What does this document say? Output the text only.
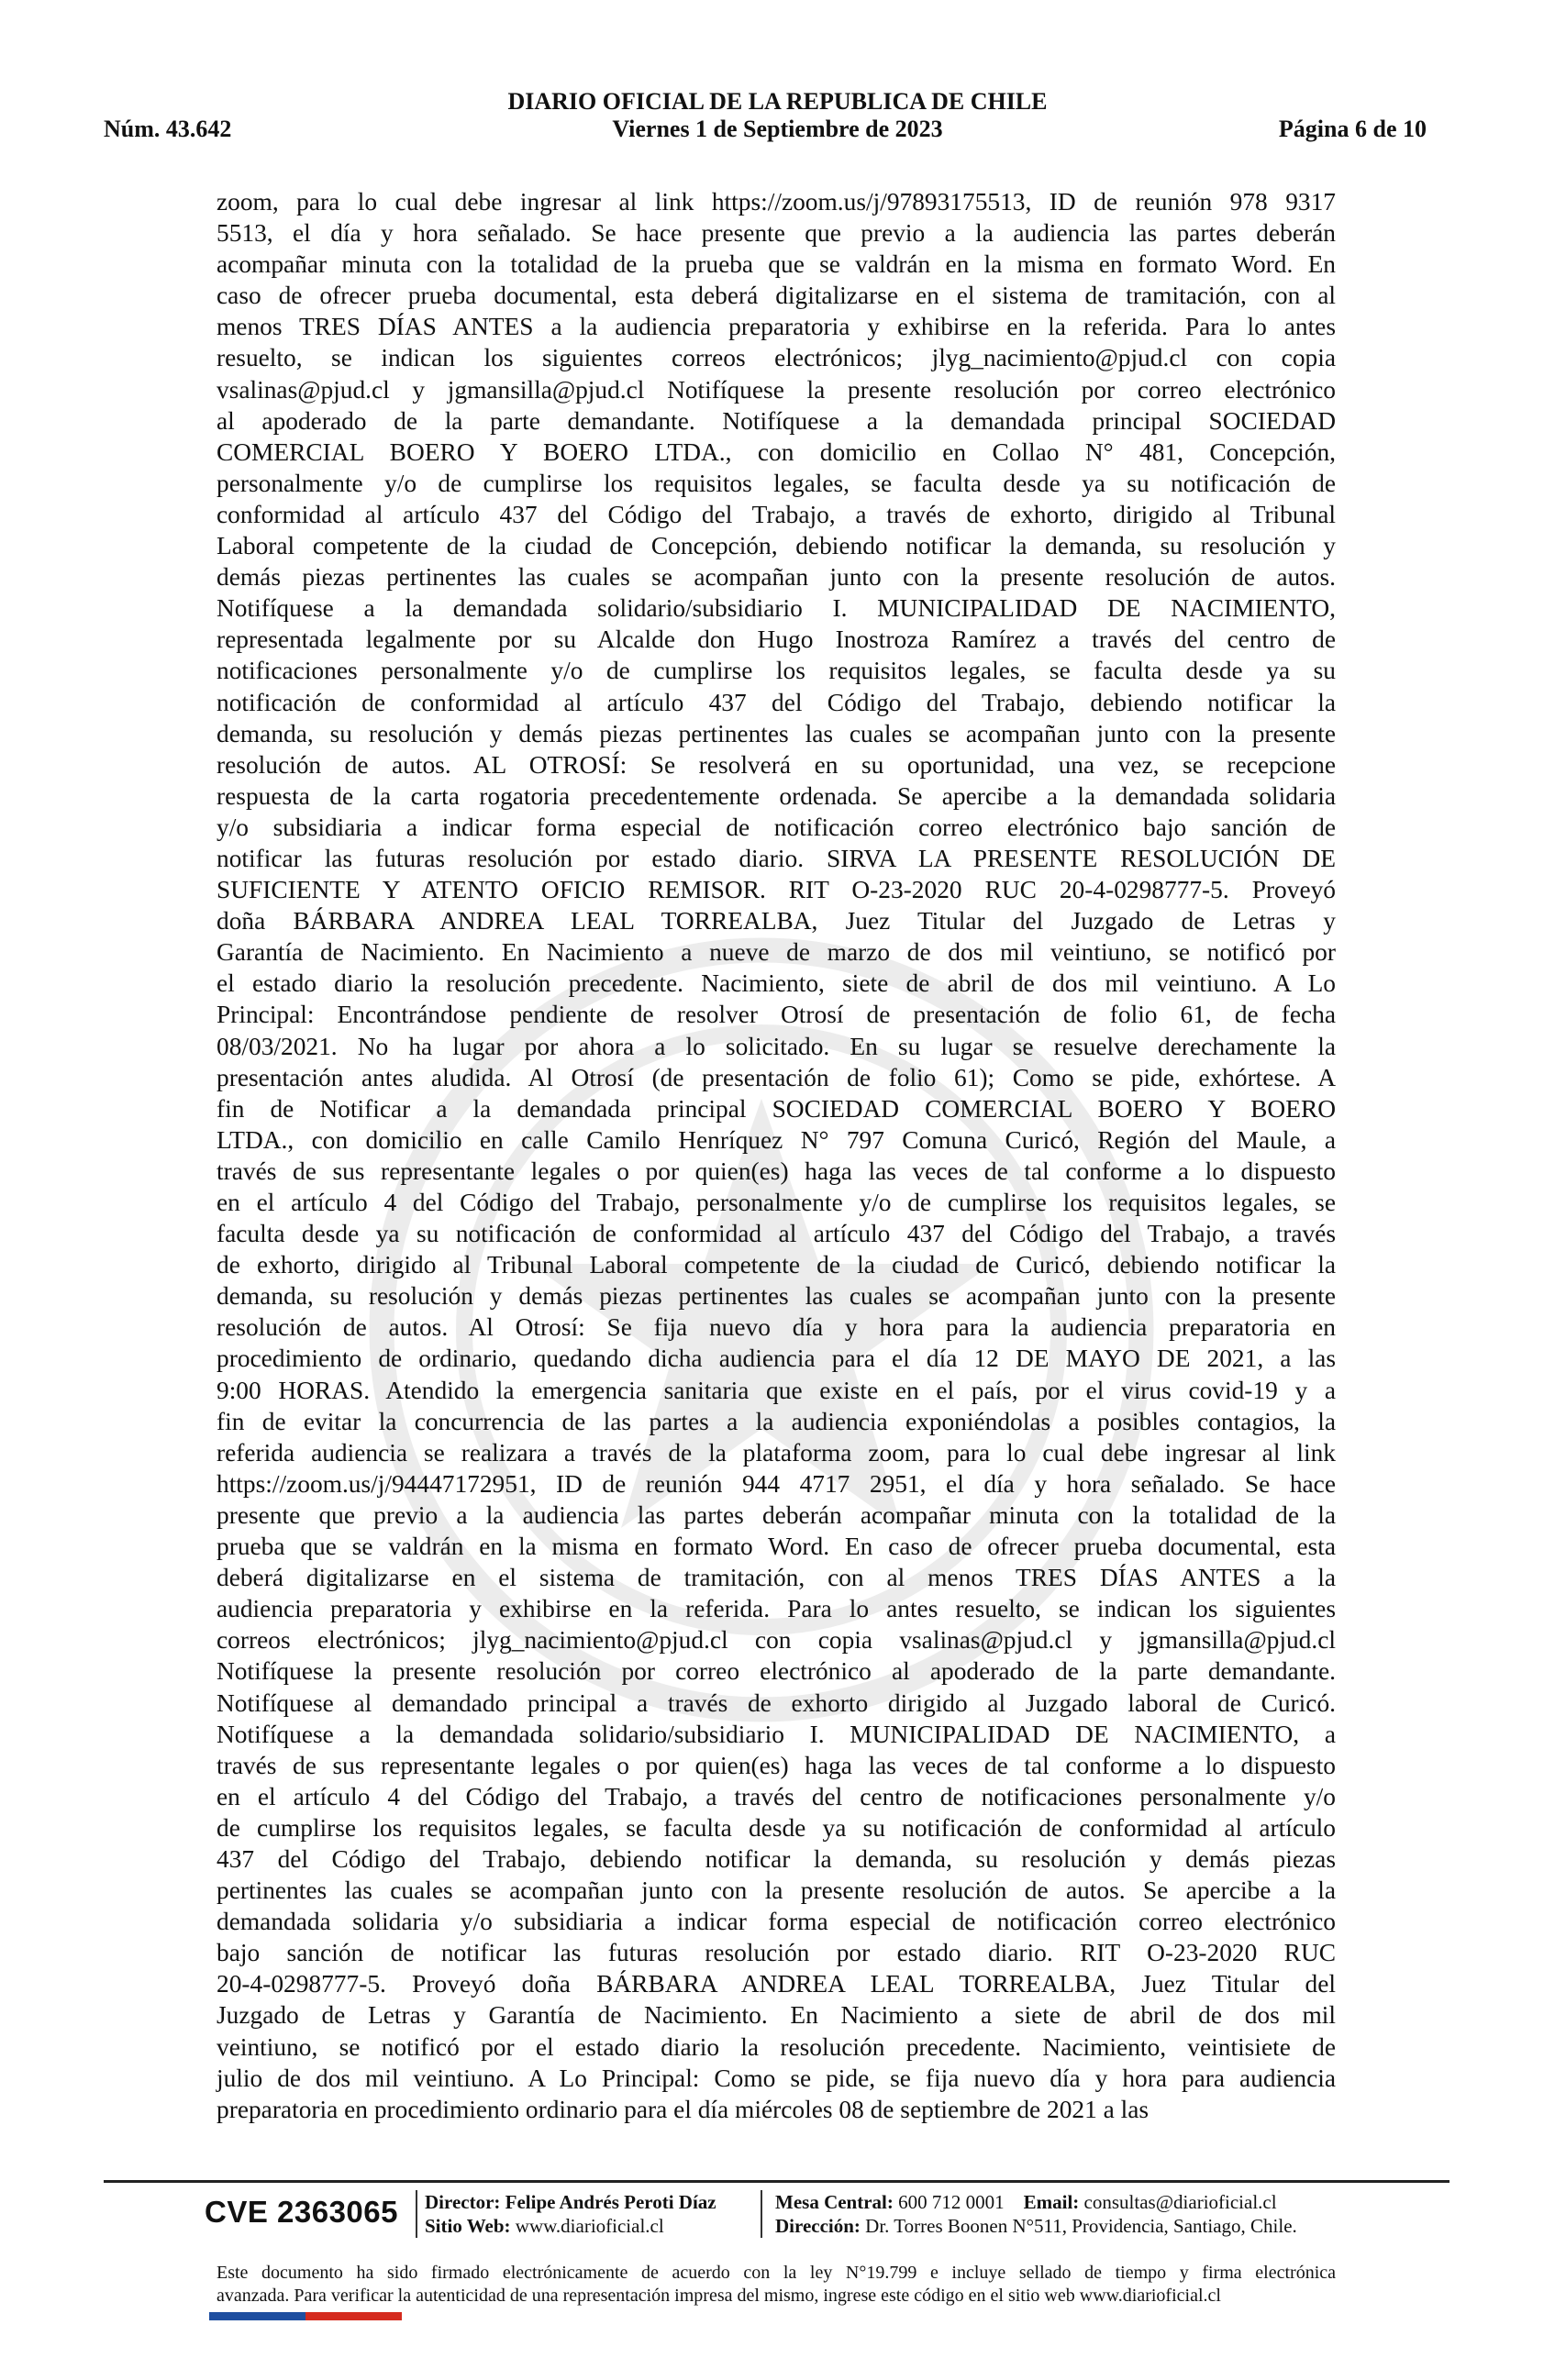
DIARIO OFICIAL DE LA REPUBLICA DE CHILE
Viernes 1 de Septiembre de 2023
Núm. 43.642	Página 6 de 10
zoom, para lo cual debe ingresar al link https://zoom.us/j/97893175513, ID de reunión 978 9317
5513, el día y hora señalado. Se hace presente que previo a la audiencia las partes deberán
acompañar minuta con la totalidad de la prueba que se valdrán en la misma en formato Word. En
caso de ofrecer prueba documental, esta deberá digitalizarse en el sistema de tramitación, con al
menos TRES DÍAS ANTES a la audiencia preparatoria y exhibirse en la referida. Para lo antes
resuelto, se indican los siguientes correos electrónicos; jlyg_nacimiento@pjud.cl con copia
vsalinas@pjud.cl y jgmansilla@pjud.cl Notifíquese la presente resolución por correo electrónico
al apoderado de la parte demandante. Notifíquese a la demandada principal SOCIEDAD
COMERCIAL BOERO Y BOERO LTDA., con domicilio en Collao N° 481, Concepción,
personalmente y/o de cumplirse los requisitos legales, se faculta desde ya su notificación de
conformidad al artículo 437 del Código del Trabajo, a través de exhorto, dirigido al Tribunal
Laboral competente de la ciudad de Concepción, debiendo notificar la demanda, su resolución y
demás piezas pertinentes las cuales se acompañan junto con la presente resolución de autos.
Notifíquese a la demandada solidario/subsidiario I. MUNICIPALIDAD DE NACIMIENTO,
representada legalmente por su Alcalde don Hugo Inostroza Ramírez a través del centro de
notificaciones personalmente y/o de cumplirse los requisitos legales, se faculta desde ya su
notificación de conformidad al artículo 437 del Código del Trabajo, debiendo notificar la
demanda, su resolución y demás piezas pertinentes las cuales se acompañan junto con la presente
resolución de autos. AL OTROSÍ: Se resolverá en su oportunidad, una vez, se recepcione
respuesta de la carta rogatoria precedentemente ordenada. Se apercibe a la demandada solidaria
y/o subsidiaria a indicar forma especial de notificación correo electrónico bajo sanción de
notificar las futuras resolución por estado diario. SIRVA LA PRESENTE RESOLUCIÓN DE
SUFICIENTE Y ATENTO OFICIO REMISOR. RIT O-23-2020 RUC 20-4-0298777-5. Proveyó
doña BÁRBARA ANDREA LEAL TORREALBA, Juez Titular del Juzgado de Letras y
Garantía de Nacimiento. En Nacimiento a nueve de marzo de dos mil veintiuno, se notificó por
el estado diario la resolución precedente. Nacimiento, siete de abril de dos mil veintiuno. A Lo
Principal: Encontrándose pendiente de resolver Otrosí de presentación de folio 61, de fecha
08/03/2021. No ha lugar por ahora a lo solicitado. En su lugar se resuelve derechamente la
presentación antes aludida. Al Otrosí (de presentación de folio 61); Como se pide, exhórtese. A
fin de Notificar a la demandada principal SOCIEDAD COMERCIAL BOERO Y BOERO
LTDA., con domicilio en calle Camilo Henríquez N° 797 Comuna Curicó, Región del Maule, a
través de sus representante legales o por quien(es) haga las veces de tal conforme a lo dispuesto
en el artículo 4 del Código del Trabajo, personalmente y/o de cumplirse los requisitos legales, se
faculta desde ya su notificación de conformidad al artículo 437 del Código del Trabajo, a través
de exhorto, dirigido al Tribunal Laboral competente de la ciudad de Curicó, debiendo notificar la
demanda, su resolución y demás piezas pertinentes las cuales se acompañan junto con la presente
resolución de autos. Al Otrosí: Se fija nuevo día y hora para la audiencia preparatoria en
procedimiento de ordinario, quedando dicha audiencia para el día 12 DE MAYO DE 2021, a las
9:00 HORAS. Atendido la emergencia sanitaria que existe en el país, por el virus covid-19 y a
fin de evitar la concurrencia de las partes a la audiencia exponiéndolas a posibles contagios, la
referida audiencia se realizara a través de la plataforma zoom, para lo cual debe ingresar al link
https://zoom.us/j/94447172951, ID de reunión 944 4717 2951, el día y hora señalado. Se hace
presente que previo a la audiencia las partes deberán acompañar minuta con la totalidad de la
prueba que se valdrán en la misma en formato Word. En caso de ofrecer prueba documental, esta
deberá digitalizarse en el sistema de tramitación, con al menos TRES DÍAS ANTES a la
audiencia preparatoria y exhibirse en la referida. Para lo antes resuelto, se indican los siguientes
correos electrónicos; jlyg_nacimiento@pjud.cl con copia vsalinas@pjud.cl y jgmansilla@pjud.cl
Notifíquese la presente resolución por correo electrónico al apoderado de la parte demandante.
Notifíquese al demandado principal a través de exhorto dirigido al Juzgado laboral de Curicó.
Notifíquese a la demandada solidario/subsidiario I. MUNICIPALIDAD DE NACIMIENTO, a
través de sus representante legales o por quien(es) haga las veces de tal conforme a lo dispuesto
en el artículo 4 del Código del Trabajo, a través del centro de notificaciones personalmente y/o
de cumplirse los requisitos legales, se faculta desde ya su notificación de conformidad al artículo
437 del Código del Trabajo, debiendo notificar la demanda, su resolución y demás piezas
pertinentes las cuales se acompañan junto con la presente resolución de autos. Se apercibe a la
demandada solidaria y/o subsidiaria a indicar forma especial de notificación correo electrónico
bajo sanción de notificar las futuras resolución por estado diario. RIT O-23-2020 RUC
20-4-0298777-5. Proveyó doña BÁRBARA ANDREA LEAL TORREALBA, Juez Titular del
Juzgado de Letras y Garantía de Nacimiento. En Nacimiento a siete de abril de dos mil
veintiuno, se notificó por el estado diario la resolución precedente. Nacimiento, veintisiete de
julio de dos mil veintiuno. A Lo Principal: Como se pide, se fija nuevo día y hora para audiencia
preparatoria en procedimiento ordinario para el día miércoles 08 de septiembre de 2021 a las
CVE 2363065 Director: Felipe Andrés Peroti Díaz
Sitio Web: www.diarioficial.cl
Mesa Central: 600 712 0001 Email: consultas@diarioficial.cl
Dirección: Dr. Torres Boonen N°511, Providencia, Santiago, Chile.
Este documento ha sido firmado electrónicamente de acuerdo con la ley N°19.799 e incluye sellado de tiempo y firma electrónica
avanzada. Para verificar la autenticidad de una representación impresa del mismo, ingrese este código en el sitio web www.diarioficial.cl
